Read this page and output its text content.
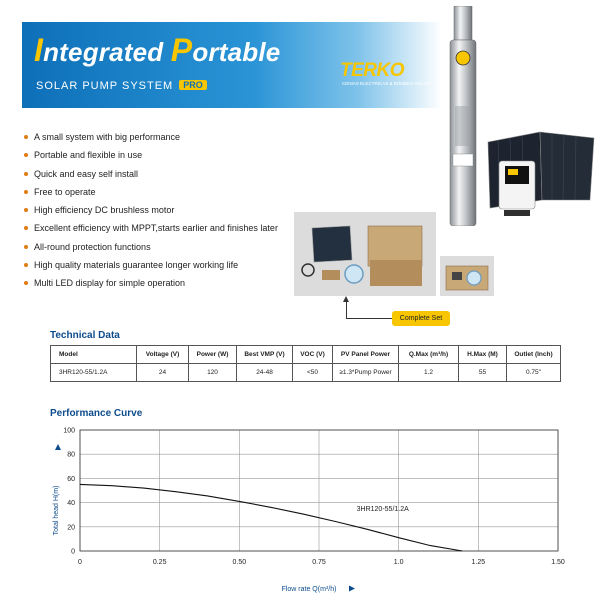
Integrated Portable
SOLAR PUMP SYSTEM PRO
TERKO
CENIAS ELECTRICAS & BOMBEO SOLAR
Complete Set
A small system with big performance
Portable and flexible in use
Quick and easy self install
Free to operate
High efficiency DC brushless motor
Excellent efficiency with MPPT,starts earlier and finishes later
All-round protection functions
High quality materials guarantee longer working life
Multi LED display for simple operation
Technical Data
Model	Voltage (V)	Power (W)	Best VMP (V)	VOC (V)	PV Panel Power	Q.Max (m³/h)	H.Max (M)	Outlet (Inch)
3HR120-55/1.2A	24	120	24-48	<50	≥1.3*Pump Power	1.2	55	0.75"
Performance Curve
0
20
40
60
80
100
0	0.25	0.50	0.75	1.0	1.25	1.50
3HR120-55/1.2A
Flow rate Q(m³/h)
Total head H(m)
